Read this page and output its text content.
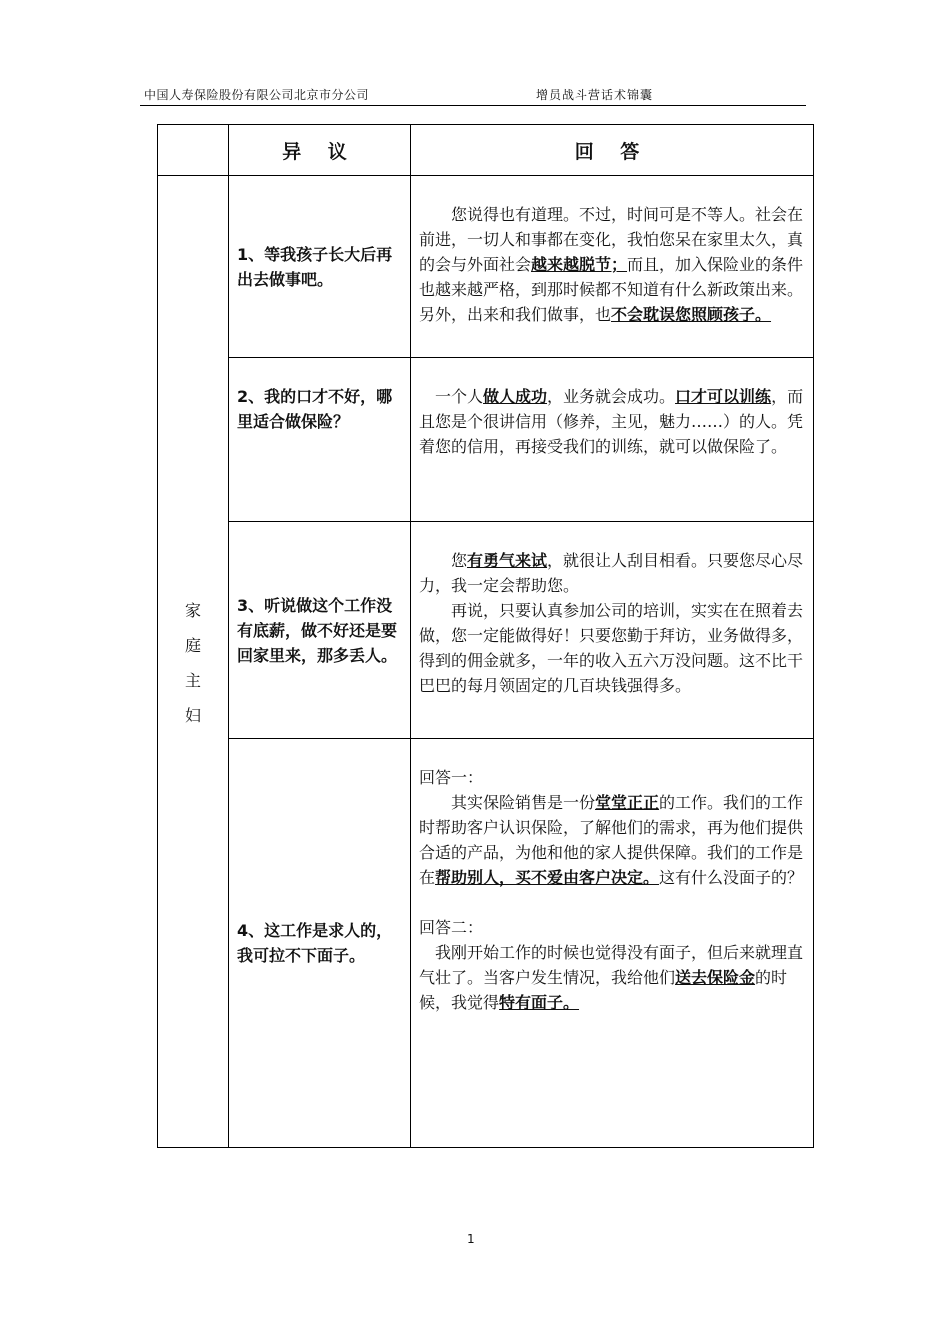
中国人寿保险股份有限公司北京市分公司	增员战斗营话术锦囊
	异 议	回 答

家
庭
主
妇	1、等我孩子长大后再出去做事吧。	您说得也有道理。不过，时间可是不等人。社会在前进，一切人和事都在变化，我怕您呆在家里太久，真的会与外面社会越来越脱节；而且，加入保险业的条件也越来越严格，到那时候都不知道有什么新政策出来。另外，出来和我们做事，也不会耽误您照顾孩子。

	2、我的口才不好，哪里适合做保险？	一个人做人成功，业务就会成功。口才可以训练，而且您是个很讲信用（修养，主见，魅力……）的人。凭着您的信用，再接受我们的训练，就可以做保险了。

	3、听说做这个工作没有底薪，做不好还是要回家里来，那多丢人。	您有勇气来试，就很让人刮目相看。只要您尽心尽力，我一定会帮助您。

再说，只要认真参加公司的培训，实实在在照着去做，您一定能做得好！只要您勤于拜访，业务做得多，得到的佣金就多，一年的收入五六万没问题。这不比干巴巴的每月领固定的几百块钱强得多。

	4、这工作是求人的，我可拉不下面子。	回答一：

其实保险销售是一份堂堂正正的工作。我们的工作时帮助客户认识保险，了解他们的需求，再为他们提供合适的产品，为他和他的家人提供保障。我们的工作是在帮助别人，买不爱由客户决定。这有什么没面子的？

回答二：

我刚开始工作的时候也觉得没有面子，但后来就理直气壮了。当客户发生情况，我给他们送去保险金的时候，我觉得特有面子。

1
